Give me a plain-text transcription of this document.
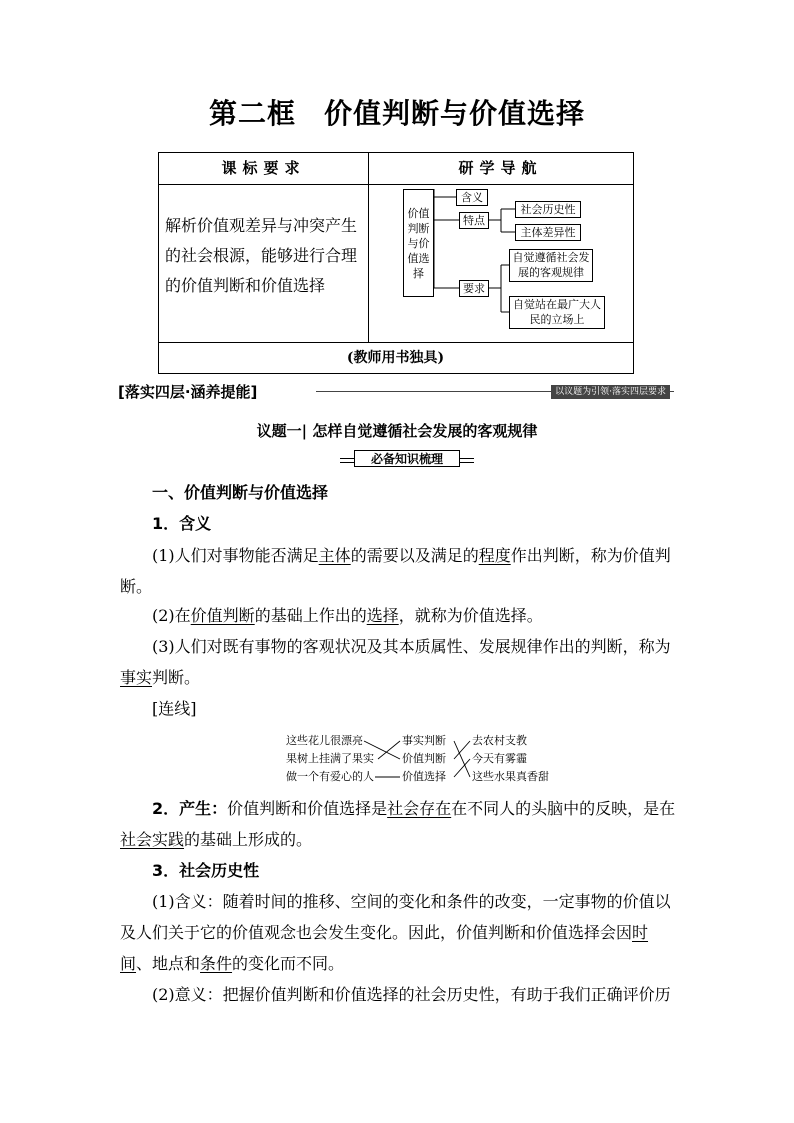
第二框 价值判断与价值选择
课标要求	研学导航
解析价值观差异与冲突产生的社会根源，能够进行合理的价值判断和价值选择
价值判断与价值选择
含义
特点
社会历史性
主体差异性
要求
自觉遵循社会发展的客观规律
自觉站在最广大人民的立场上
(教师用书独具)
[落实四层·涵养提能]	以议题为引领·落实四层要求
议题一| 怎样自觉遵循社会发展的客观规律
必备知识梳理
一、价值判断与价值选择
1．含义
(1)人们对事物能否满足主体的需要以及满足的程度作出判断，称为价值判断。
(2)在价值判断的基础上作出的选择，就称为价值选择。
(3)人们对既有事物的客观状况及其本质属性、发展规律作出的判断，称为事实判断。
[连线]
这些花儿很漂亮
果树上挂满了果实
做一个有爱心的人
事实判断
价值判断
价值选择
去农村支教
今天有雾霾
这些水果真香甜
2．产生：价值判断和价值选择是社会存在在不同人的头脑中的反映，是在社会实践的基础上形成的。
3．社会历史性
(1)含义：随着时间的推移、空间的变化和条件的改变，一定事物的价值以及人们关于它的价值观念也会发生变化。因此，价值判断和价值选择会因时间、地点和条件的变化而不同。
(2)意义：把握价值判断和价值选择的社会历史性，有助于我们正确评价历
